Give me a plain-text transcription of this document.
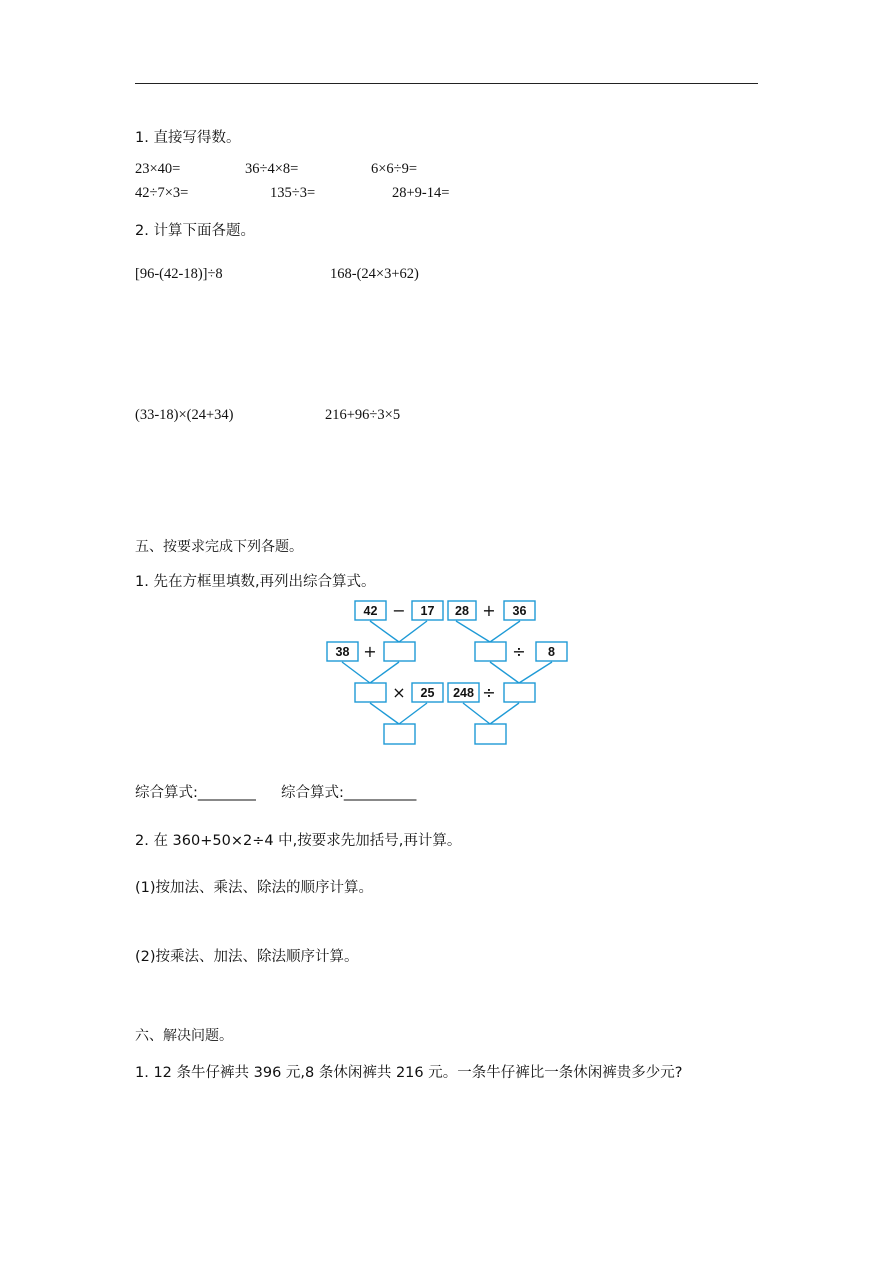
1. 直接写得数。
23×40=	36÷4×8=	6×6÷9=
42÷7×3=	135÷3=	28+9-14=
2. 计算下面各题。
[96-(42-18)]÷8	168-(24×3+62)
(33-18)×(24+34)	216+96÷3×5
五、按要求完成下列各题。
1. 先在方框里填数,再列出综合算式。
42 − 17 28 + 36
38 +	÷ 8
× 25 248 ÷
综合算式:________ 综合算式:__________
2. 在 360+50×2÷4 中,按要求先加括号,再计算。
(1)按加法、乘法、除法的顺序计算。
(2)按乘法、加法、除法顺序计算。
六、解决问题。
1. 12 条牛仔裤共 396 元,8 条休闲裤共 216 元。一条牛仔裤比一条休闲裤贵多少元?
